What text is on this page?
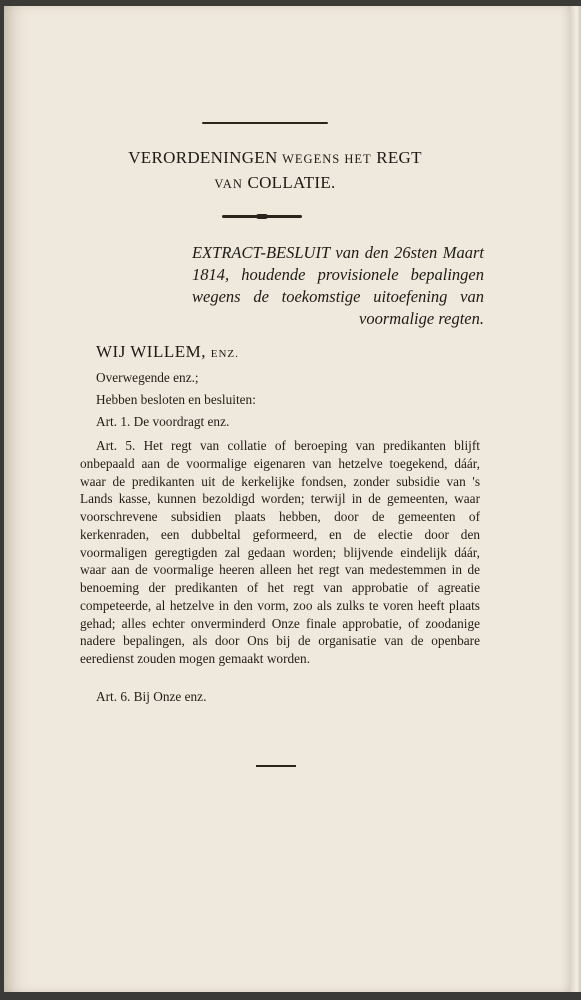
VERORDENINGEN WEGENS HET REGT
VAN COLLATIE.
EXTRACT-BESLUIT van den 26sten Maart 1814, houdende provisionele bepalingen wegens de toekomstige uitoefening van voormalige regten.
WIJ WILLEM, ENZ.
Overwegende enz.;
Hebben besloten en besluiten:
Art. 1. De voordragt enz.
Art. 5. Het regt van collatie of beroeping van predikanten blijft onbepaald aan de voormalige eigenaren van hetzelve toegekend, dáár, waar de predikanten uit de kerkelijke fondsen, zonder subsidie van 's Lands kasse, kunnen bezoldigd worden; terwijl in de gemeenten, waar voorschrevene subsidien plaats hebben, door de gemeenten of kerkenraden, een dubbeltal geformeerd, en de electie door den voormaligen geregtigden zal gedaan worden; blijvende eindelijk dáár, waar aan de voormalige heeren alleen het regt van medestemmen in de benoeming der predikanten of het regt van approbatie of agreatie competeerde, al hetzelve in den vorm, zoo als zulks te voren heeft plaats gehad; alles echter onverminderd Onze finale approbatie, of zoodanige nadere bepalingen, als door Ons bij de organisatie van de openbare eeredienst zouden mogen gemaakt worden.
Art. 6. Bij Onze enz.
